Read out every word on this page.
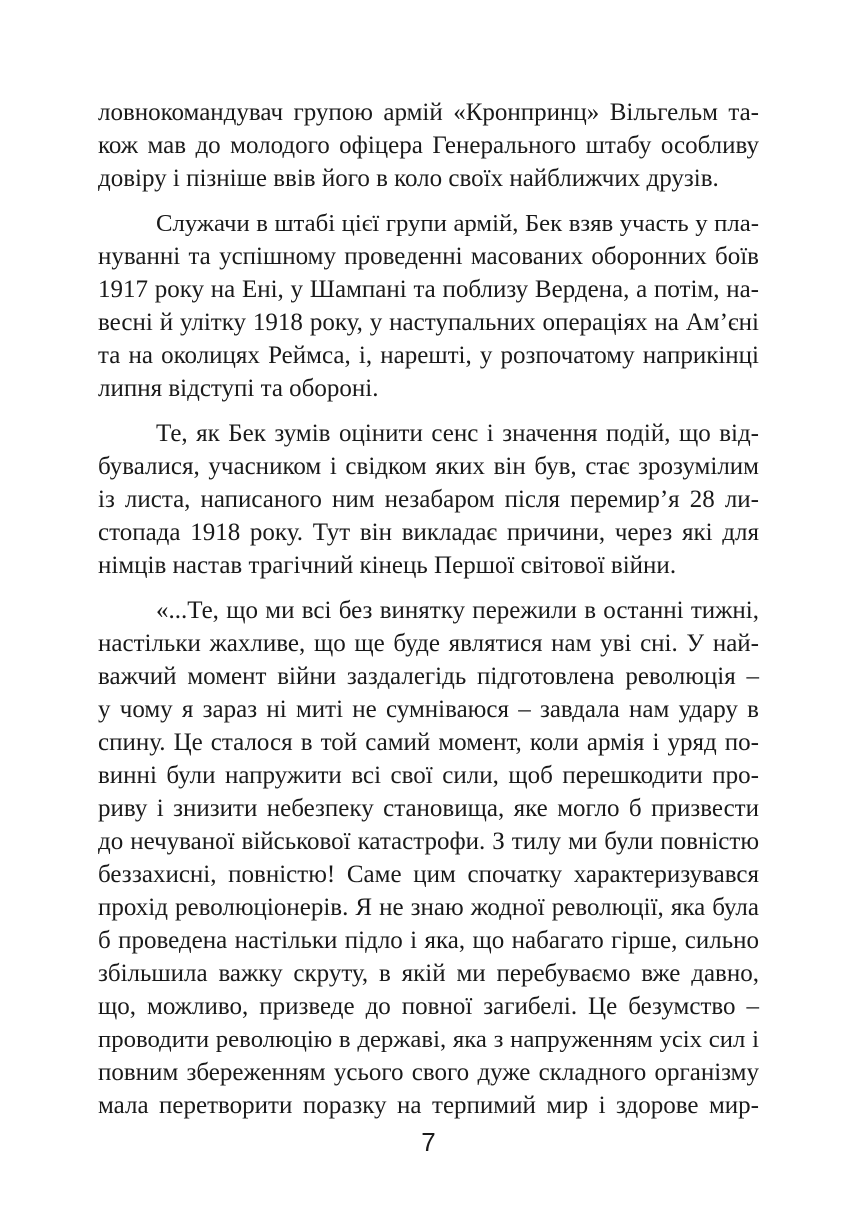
ловнокомандувач групою армій «Кронпринц» Вільгельм та-
кож мав до молодого офіцера Генерального штабу особливу
довіру і пізніше ввів його в коло своїх найближчих друзів.

Служачи в штабі цієї групи армій, Бек взяв участь у пла-
нуванні та успішному проведенні масованих оборонних боїв
1917 року на Ені, у Шампані та поблизу Вердена, а потім, на-
весні й улітку 1918 року, у наступальних операціях на Ам’єні
та на околицях Реймса, і, нарешті, у розпочатому наприкінці
липня відступі та обороні.

Те, як Бек зумів оцінити сенс і значення подій, що від-
бувалися, учасником і свідком яких він був, стає зрозумілим
із листа, написаного ним незабаром після перемир’я 28 ли-
стопада 1918 року. Тут він викладає причини, через які для
німців настав трагічний кінець Першої світової війни.

«...Те, що ми всі без винятку пережили в останні тижні,
настільки жахливе, що ще буде являтися нам уві сні. У най-
важчий момент війни заздалегідь підготовлена революція –
у чому я зараз ні миті не сумніваюся – завдала нам удару в
спину. Це сталося в той самий момент, коли армія і уряд по-
винні були напружити всі свої сили, щоб перешкодити про-
риву і знизити небезпеку становища, яке могло б призвести
до нечуваної військової катастрофи. З тилу ми були повністю
беззахисні, повністю! Саме цим спочатку характеризувався
прохід революціонерів. Я не знаю жодної революції, яка була
б проведена настільки підло і яка, що набагато гірше, сильно
збільшила важку скруту, в якій ми перебуваємо вже давно,
що, можливо, призведе до повної загибелі. Це безумство –
проводити революцію в державі, яка з напруженням усіх сил і
повним збереженням усього свого дуже складного організму
мала перетворити поразку на терпимий мир і здорове мир-

7
